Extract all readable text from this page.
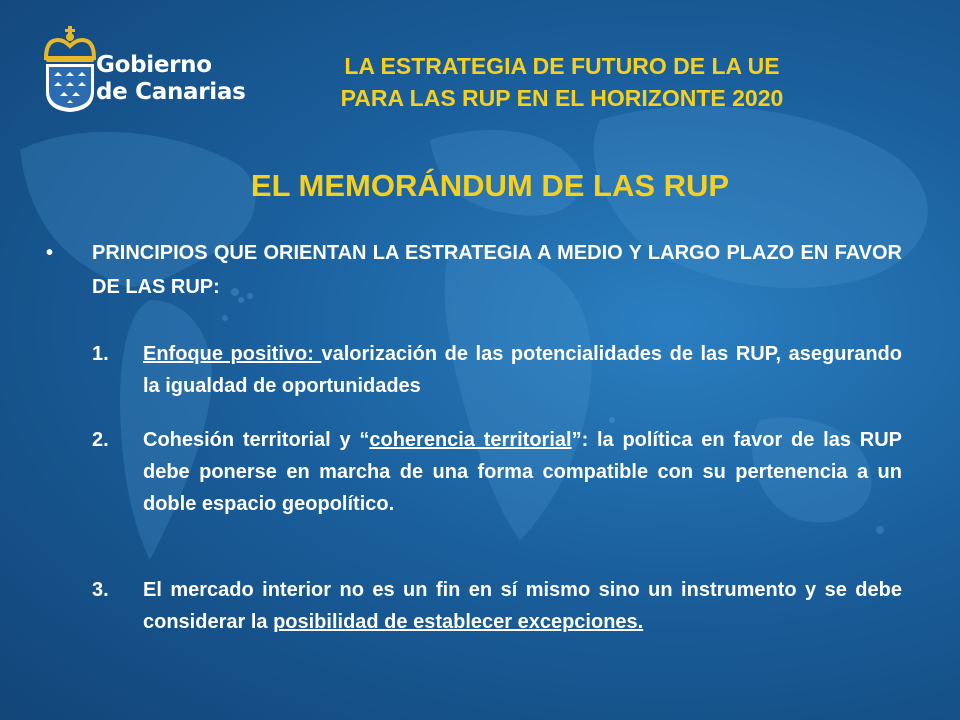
Gobierno
de Canarias
LA ESTRATEGIA DE FUTURO DE LA UE
PARA LAS RUP EN EL HORIZONTE 2020
EL MEMORÁNDUM DE LAS RUP
• PRINCIPIOS QUE ORIENTAN LA ESTRATEGIA A MEDIO Y LARGO PLAZO EN FAVOR DE LAS RUP:
1. Enfoque positivo: valorización de las potencialidades de las RUP, asegurando la igualdad de oportunidades
2. Cohesión territorial y “coherencia territorial”: la política en favor de las RUP debe ponerse en marcha de una forma compatible con su pertenencia a un doble espacio geopolítico.
3. El mercado interior no es un fin en sí mismo sino un instrumento y se debe considerar la posibilidad de establecer excepciones.
